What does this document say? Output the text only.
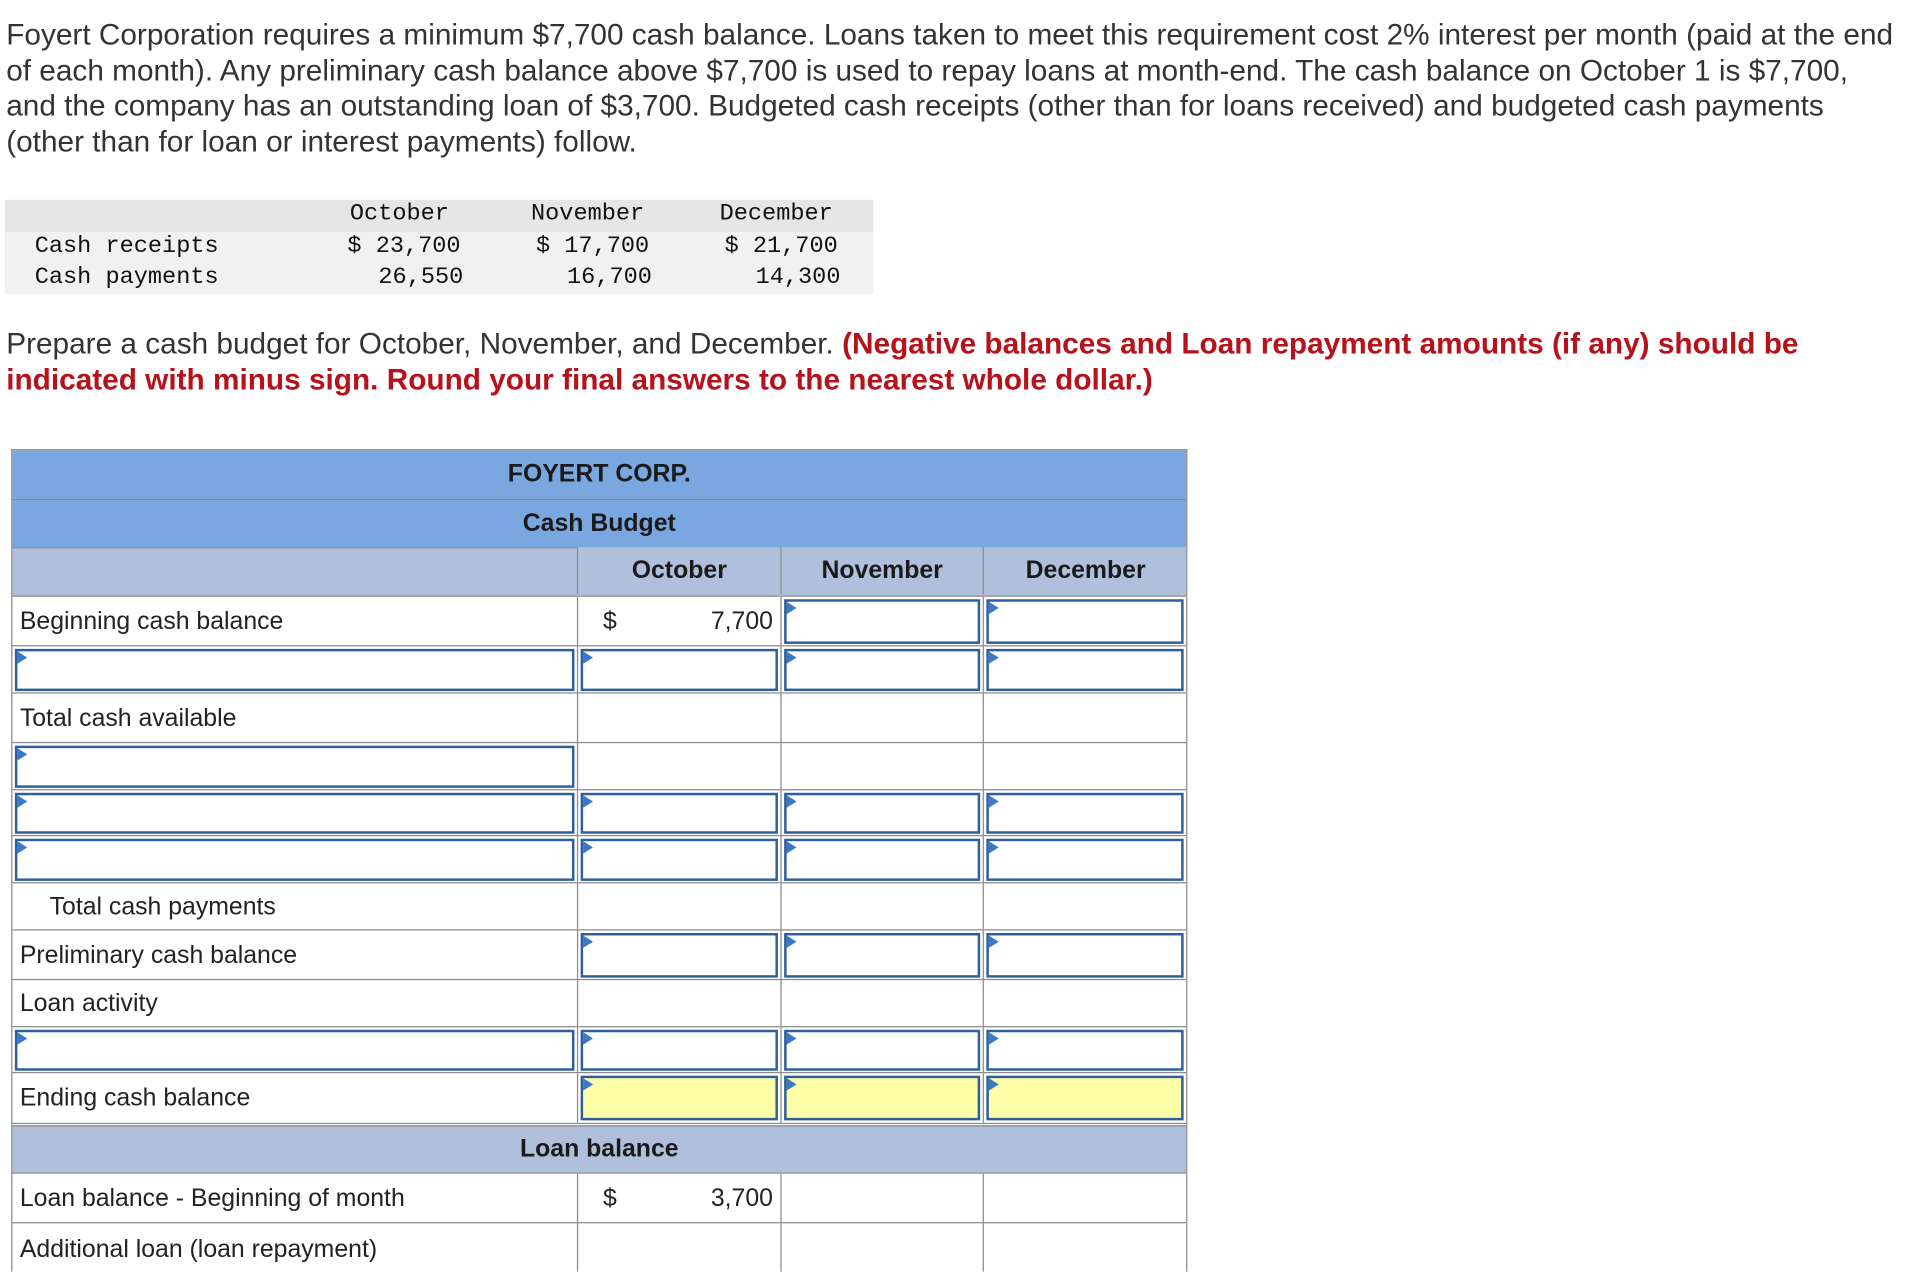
Foyert Corporation requires a minimum $7,700 cash balance. Loans taken to meet this requirement cost 2% interest per month (paid at the end of each month). Any preliminary cash balance above $7,700 is used to repay loans at month-end. The cash balance on October 1 is $7,700, and the company has an outstanding loan of $3,700. Budgeted cash receipts (other than for loans received) and budgeted cash payments (other than for loan or interest payments) follow.
October	November	December
Cash receipts	$ 23,700	$ 17,700	$ 21,700
Cash payments	26,550	16,700	14,300
Prepare a cash budget for October, November, and December. (Negative balances and Loan repayment amounts (if any) should be indicated with minus sign. Round your final answers to the nearest whole dollar.)
FOYERT CORP.
Cash Budget
October	November	December
Beginning cash balance	$	7,700
Total cash available
Total cash payments
Preliminary cash balance
Loan activity
Ending cash balance
Loan balance
Loan balance - Beginning of month	$	3,700
Additional loan (loan repayment)
